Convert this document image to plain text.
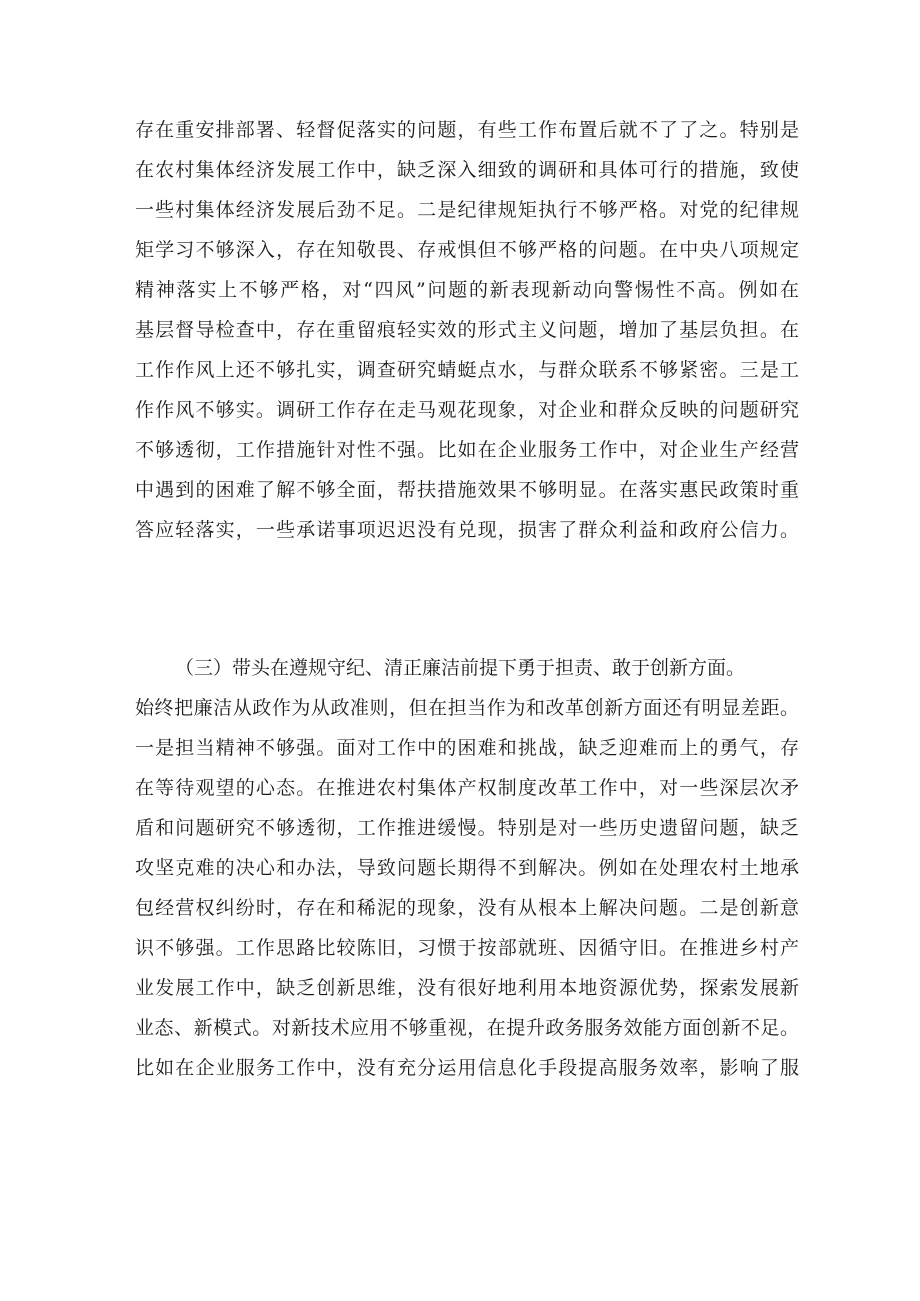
存在重安排部署、轻督促落实的问题，有些工作布置后就不了了之。特别是
在农村集体经济发展工作中，缺乏深入细致的调研和具体可行的措施，致使
一些村集体经济发展后劲不足。二是纪律规矩执行不够严格。对党的纪律规
矩学习不够深入，存在知敬畏、存戒惧但不够严格的问题。在中央八项规定
精神落实上不够严格，对“四风”问题的新表现新动向警惕性不高。例如在
基层督导检查中，存在重留痕轻实效的形式主义问题，增加了基层负担。在
工作作风上还不够扎实，调查研究蜻蜓点水，与群众联系不够紧密。三是工
作作风不够实。调研工作存在走马观花现象，对企业和群众反映的问题研究
不够透彻，工作措施针对性不强。比如在企业服务工作中，对企业生产经营
中遇到的困难了解不够全面，帮扶措施效果不够明显。在落实惠民政策时重
答应轻落实，一些承诺事项迟迟没有兑现，损害了群众利益和政府公信力。
（三）带头在遵规守纪、清正廉洁前提下勇于担责、敢于创新方面。
始终把廉洁从政作为从政准则，但在担当作为和改革创新方面还有明显差距。
一是担当精神不够强。面对工作中的困难和挑战，缺乏迎难而上的勇气，存
在等待观望的心态。在推进农村集体产权制度改革工作中，对一些深层次矛
盾和问题研究不够透彻，工作推进缓慢。特别是对一些历史遗留问题，缺乏
攻坚克难的决心和办法，导致问题长期得不到解决。例如在处理农村土地承
包经营权纠纷时，存在和稀泥的现象，没有从根本上解决问题。二是创新意
识不够强。工作思路比较陈旧，习惯于按部就班、因循守旧。在推进乡村产
业发展工作中，缺乏创新思维，没有很好地利用本地资源优势，探索发展新
业态、新模式。对新技术应用不够重视，在提升政务服务效能方面创新不足。
比如在企业服务工作中，没有充分运用信息化手段提高服务效率，影响了服
